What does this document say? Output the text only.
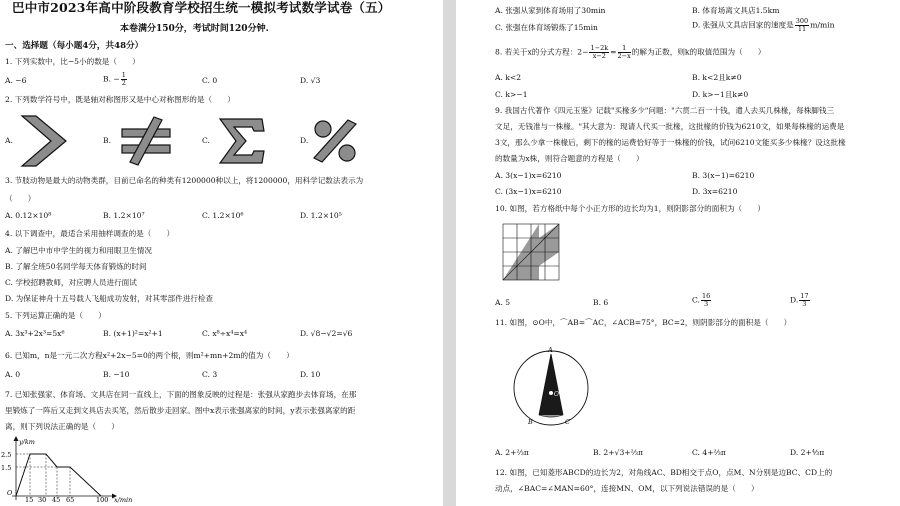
巴中市2023年高中阶段教育学校招生统一模拟考试数学试卷（五）
本卷满分150分，考试时间120分钟.
一、选择题（每小题4分，共48分）
1. 下列实数中，比−5小的数是（　　）
A. −6	B. − $\frac{1}{2}$	C. 0	D. √3
2. 下列数学符号中，既是轴对称图形又是中心对称图形的是（　　）
A.	B.	C.	D.
3. 节肢动物是最大的动物类群，目前已命名的种类有1200000种以上，将1200000，用科学记数法表示为
（　　）
A. 0.12×10⁸	B. 1.2×10⁷	C. 1.2×10⁶	D. 1.2×10⁵
4. 以下调查中，最适合采用抽样调查的是（　　）
A. 了解巴中市中学生的视力和用眼卫生情况
B. 了解全班50名同学每天体育锻炼的时间
C. 学校招聘教师，对应聘人员进行面试
D. 为保证神舟十五号载人飞船成功发射，对其零部件进行检查
5. 下列运算正确的是（　　）
A. 3x³+2x³=5x⁶	B. (x+1)²=x²+1	C. x⁸÷x⁴=x⁴	D. √8−√2=√6
6. 已知m，n是一元二次方程x²+2x−5=0的两个根，则m²+mn+2m的值为（　　）
A. 0	B. −10	C. 3	D. 10
7. 已知张强家、体育场、文具店在同一直线上，下面的图象反映的过程是：张强从家跑步去体育场，在那
里锻炼了一阵后又走到文具店去买笔，然后散步走回家。图中x表示张强离家的时间，y表示张强离家的距
离，则下列说法正确的是（　　）
y/km
2.5
1.5
O
15 30 45 65	100 x/min
A. 张强从家到体育场用了30min	B. 体育场离文具店1.5km
C. 张强在体育场锻炼了15min	D. 张强从文具店回家的速度是 $\frac{300}{11} m/\min$
8. 若关于x的分式方程：$2- \frac{1-2k}{x-2} = \frac{1}{2-x}$ 的解为正数，则k的取值范围为（　　）
A. k<2	B. k<2且k≠0
C. k>−1	D. k>−1且k≠0
9. 我国古代著作《四元玉鉴》记载"买椽多少"问题："六贯二百一十钱，遣人去买几株椽，每株脚钱三
文足，无钱准与一株椽。"其大意为：现请人代买一批椽，这批椽的价钱为6210文，如果每株椽的运费是
3文，那么少拿一株椽后，剩下的椽的运费恰好等于一株椽的价钱，试问6210文能买多少株椽？设这批椽
的数量为x株，则符合题意的方程是（　　）
A. 3(x−1)x=6210	B. 3(x−1)=6210
C. (3x−1)x=6210	D. 3x=6210
10. 如图，若方格纸中每个小正方形的边长均为1，则阴影部分的面积为（　　）
A. 5	B. 6	C. $\frac{16}{3}$	D. $\frac{17}{3}$
11. 如图，⊙O中，⌒AB=⌒AC，∠ACB=75°，BC=2，则阴影部分的面积是（　　）
A
B	C
O
A. 2+⅔π	B. 2+√3+⅔π	C. 4+⅔π	D. 2+⁴⁄₃π
12. 如图，已知菱形ABCD的边长为2，对角线AC、BD相交于点O，点M、N分别是边BC、CD上的
动点，∠BAC=∠MAN=60°，连接MN、OM，以下列说法错误的是（　　）
